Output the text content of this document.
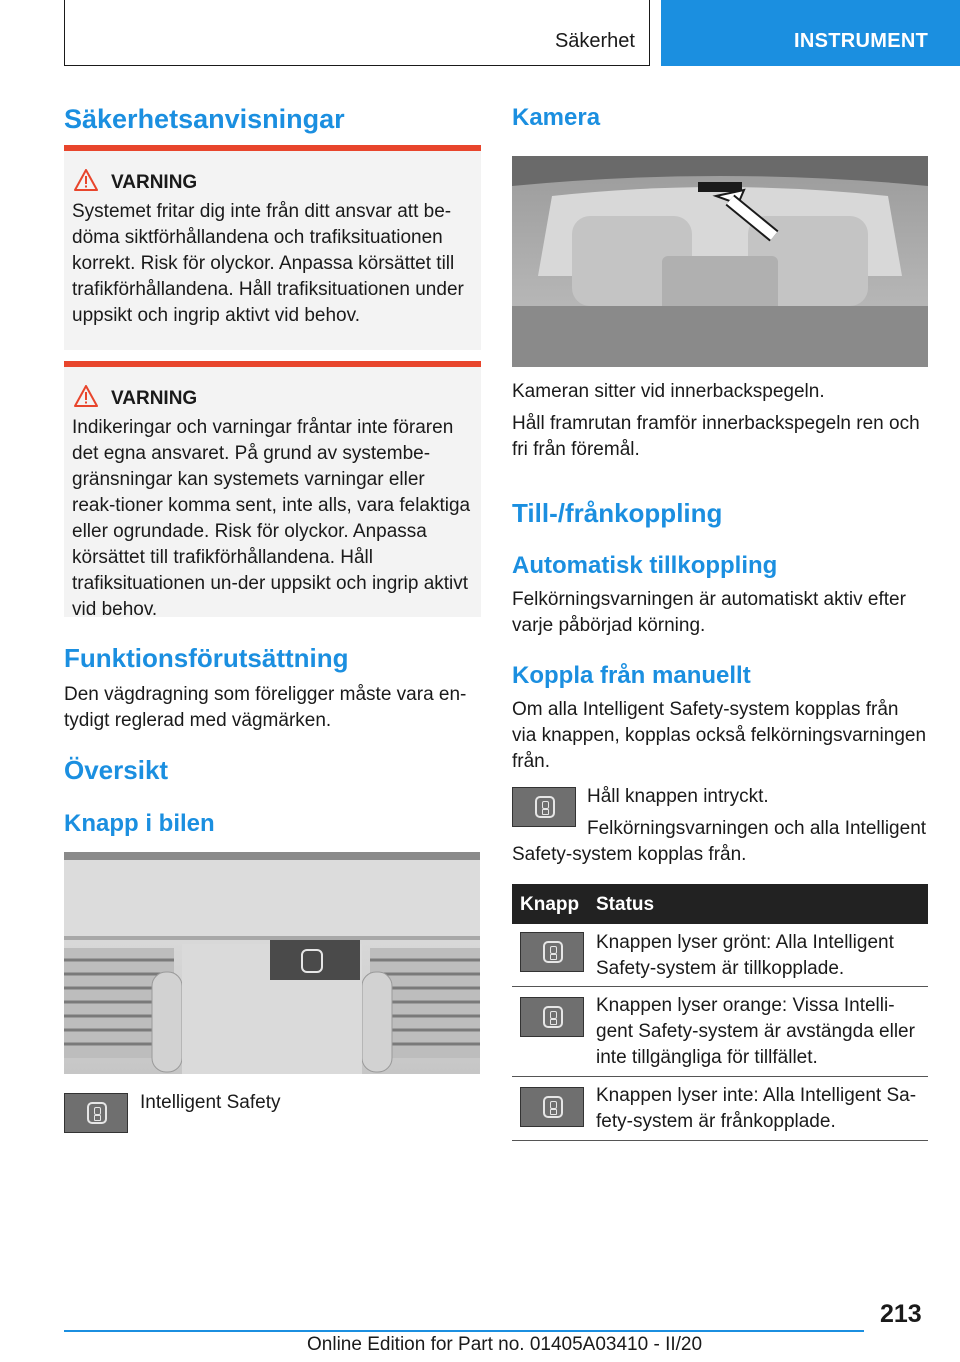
Säkerhet	INSTRUMENT
Säkerhetsanvisningar
VARNING

Systemet fritar dig inte från ditt ansvar att be-döma siktförhållandena och trafiksituationen korrekt. Risk för olyckor. Anpassa körsättet till trafikförhållandena. Håll trafiksituationen under uppsikt och ingrip aktivt vid behov.

VARNING

Indikeringar och varningar fråntar inte föraren det egna ansvaret. På grund av systembe-gränsningar kan systemets varningar eller reak-tioner komma sent, inte alls, vara felaktiga eller ogrundade. Risk för olyckor. Anpassa körsättet till trafikförhållandena. Håll trafiksituationen un-der uppsikt och ingrip aktivt vid behov.

Funktionsförutsättning

Den vägdragning som föreligger måste vara en-tydigt reglerad med vägmärken.

Översikt
Knapp i bilen

Intelligent Safety

Kamera

Kameran sitter vid innerbackspegeln.

Håll framrutan framför innerbackspegeln ren och fri från föremål.

Till-/frånkoppling
Automatisk tillkoppling

Felkörningsvarningen är automatiskt aktiv efter varje påbörjad körning.

Koppla från manuellt

Om alla Intelligent Safety-system kopplas från via knappen, kopplas också felkörningsvarningen från.

Håll knappen intryckt.

Felkörningsvarningen och alla Intelligent Safety-system kopplas från.

Knapp Status

Knappen lyser grönt: Alla Intelligent Safety-system är tillkopplade.

Knappen lyser orange: Vissa Intelli-gent Safety-system är avstängda eller inte tillgängliga för tillfället.

Knappen lyser inte: Alla Intelligent Sa-fety-system är frånkopplade.

213
Online Edition for Part no. 01405A03410 - II/20
